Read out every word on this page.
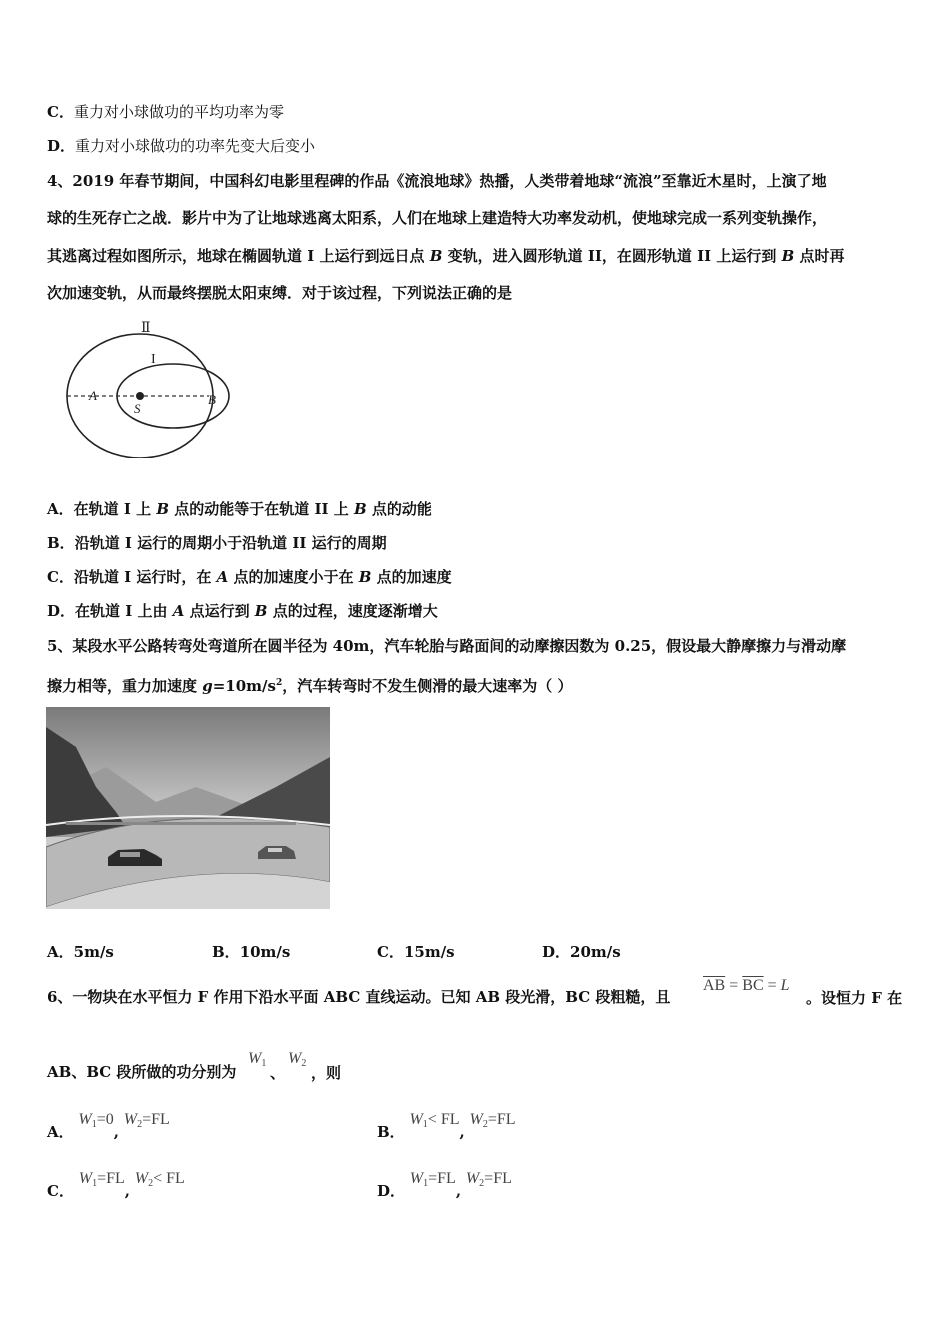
C．重力对小球做功的平均功率为零
D．重力对小球做功的功率先变大后变小
4、2019 年春节期间，中国科幻电影里程碑的作品《流浪地球》热播，人类带着地球“流浪”至靠近木星时，上演了地
球的生死存亡之战．影片中为了让地球逃离太阳系，人们在地球上建造特大功率发动机，使地球完成一系列变轨操作，
其逃离过程如图所示，地球在椭圆轨道 I 上运行到远日点 B 变轨，进入圆形轨道 II，在圆形轨道 II 上运行到 B 点时再
次加速变轨，从而最终摆脱太阳束缚．对于该过程，下列说法正确的是
Ⅱ
I
A
S
B
A．在轨道 I 上 B 点的动能等于在轨道 II 上 B 点的动能
B．沿轨道 I 运行的周期小于沿轨道 II 运行的周期
C．沿轨道 I 运行时，在 A 点的加速度小于在 B 点的加速度
D．在轨道 I 上由 A 点运行到 B 点的过程，速度逐渐增大
5、某段水平公路转弯处弯道所在圆半径为 40m，汽车轮胎与路面间的动摩擦因数为 0.25，假设最大静摩擦力与滑动摩
擦力相等，重力加速度 $g=10m/s^2$，汽车转弯时不发生侧滑的最大速率为（ ）
A．5m/s	B．10m/s	C．15m/s	D．20m/s
6、一物块在水平恒力 F 作用下沿水平面 ABC 直线运动。已知 AB 段光滑，BC 段粗糙，且
$\overline{AB} = \overline{BC} = L$
。设恒力 F 在
AB、BC 段所做的功分别为
$W_1$
、
$W_2$
，则
A． $W_1=0$, $W_2=FL$
B． $W_1<$ FL, $W_2=FL$
C． $W_1=FL$, $W_2<$ FL
D． $W_1=FL$, $W_2=FL$
